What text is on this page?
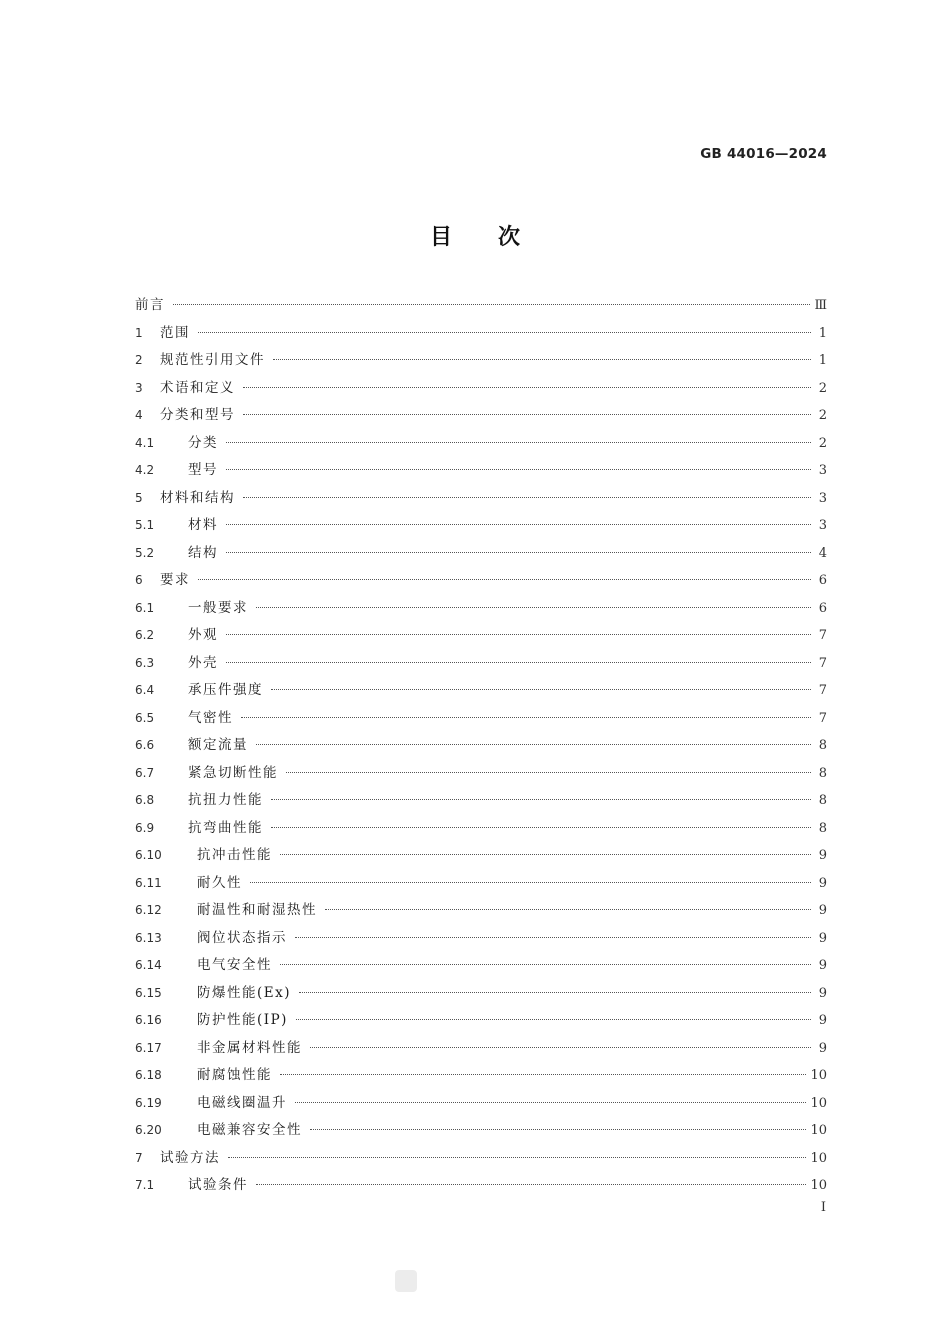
GB 44016—2024
目次
前言	Ⅲ
1	范围	1
2	规范性引用文件	1
3	术语和定义	2
4	分类和型号	2
4.1	分类	2
4.2	型号	3
5	材料和结构	3
5.1	材料	3
5.2	结构	4
6	要求	6
6.1	一般要求	6
6.2	外观	7
6.3	外壳	7
6.4	承压件强度	7
6.5	气密性	7
6.6	额定流量	8
6.7	紧急切断性能	8
6.8	抗扭力性能	8
6.9	抗弯曲性能	8
6.10	抗冲击性能	9
6.11	耐久性	9
6.12	耐温性和耐湿热性	9
6.13	阀位状态指示	9
6.14	电气安全性	9
6.15	防爆性能(Ex)	9
6.16	防护性能(IP)	9
6.17	非金属材料性能	9
6.18	耐腐蚀性能	10
6.19	电磁线圈温升	10
6.20	电磁兼容安全性	10
7	试验方法	10
7.1	试验条件	10
I
